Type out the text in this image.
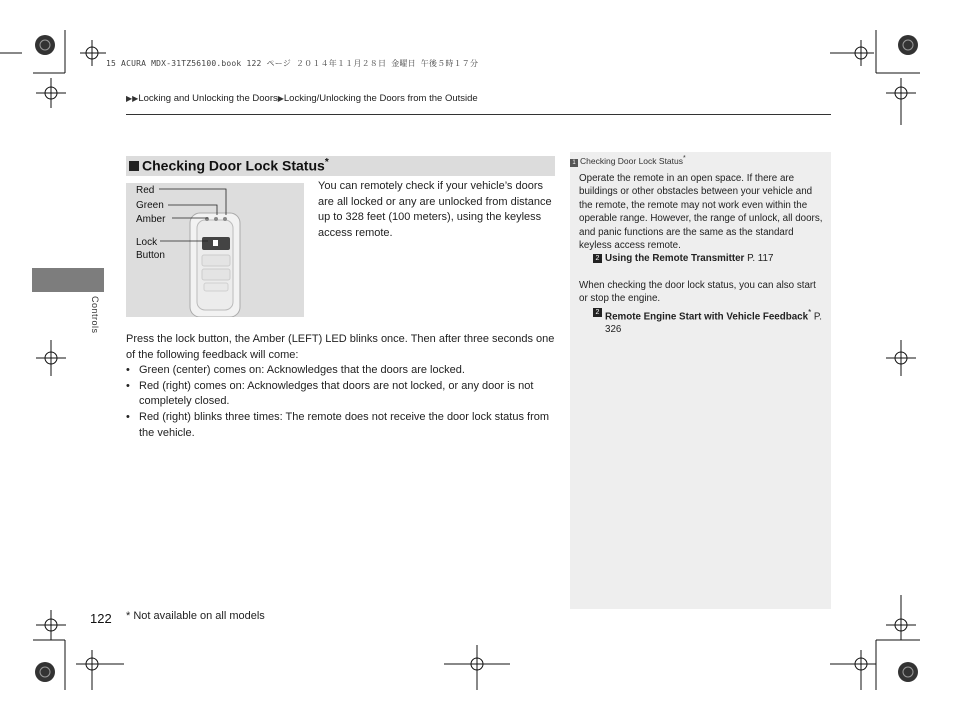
15 ACURA MDX-31TZ56100.book 122 ページ ２０１４年１１月２８日 金曜日 午後５時１７分
▶▶Locking and Unlocking the Doors▶Locking/Unlocking the Doors from the Outside
Controls
Checking Door Lock Status*
Red
Green
Amber
Lock
Button
You can remotely check if your vehicle’s doors are all locked or any are unlocked from distance up to 328 feet (100 meters), using the keyless access remote.
Press the lock button, the Amber (LEFT) LED blinks once. Then after three seconds one of the following feedback will come:
• Green (center) comes on: Acknowledges that the doors are locked.
• Red (right) comes on: Acknowledges that doors are not locked, or any door is not completely closed.
• Red (right) blinks three times: The remote does not receive the door lock status from the vehicle.
1 Checking Door Lock Status*
Operate the remote in an open space. If there are buildings or other obstacles between your vehicle and the remote, the remote may not work even within the operable range. However, the range of unlock, all doors, and panic functions are the same as the standard keyless access remote.
2 Using the Remote Transmitter P. 117
When checking the door lock status, you can also start or stop the engine.
2 Remote Engine Start with Vehicle Feedback* P. 326
122 * Not available on all models
